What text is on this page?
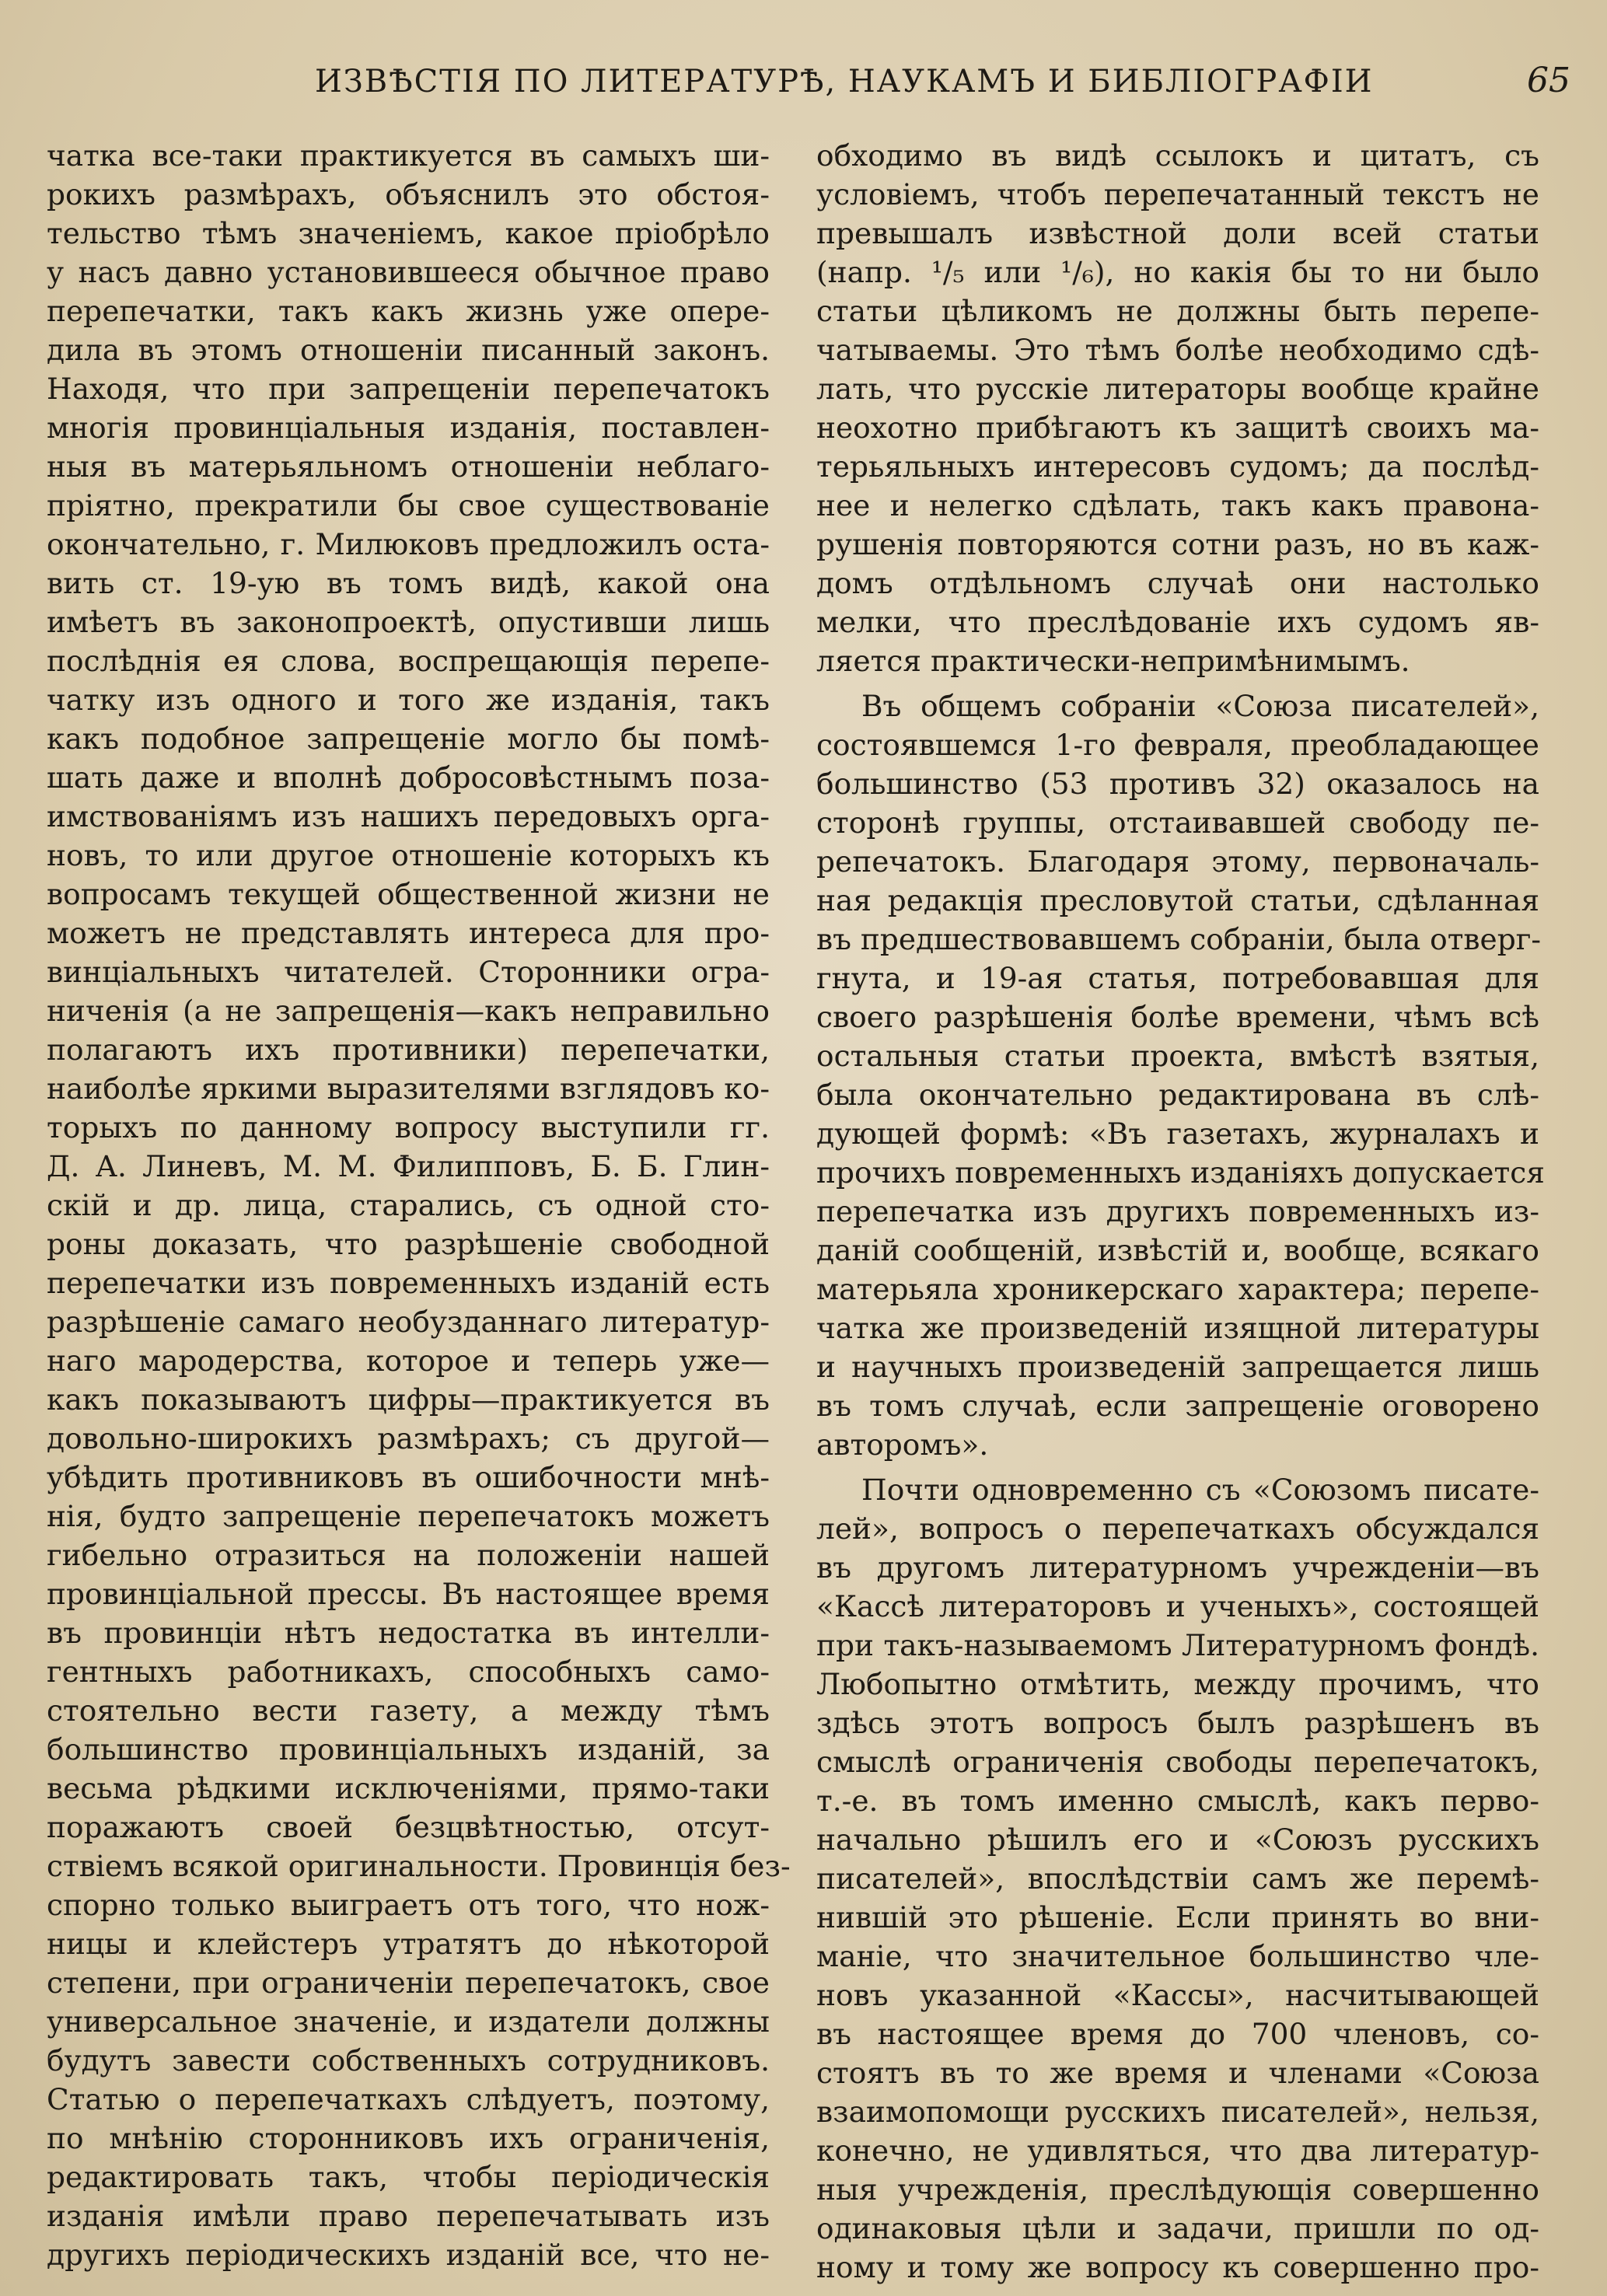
ИЗВѢСТІЯ ПО ЛИТЕРАТУРѢ, НАУКАМЪ И БИБЛІОГРАФІИ	65
чатка все-таки практикуется въ самыхъ ши-
рокихъ размѣрахъ, объяснилъ это обстоя-
тельство тѣмъ значеніемъ, какое пріобрѣло
у насъ давно установившееся обычное право
перепечатки, такъ какъ жизнь уже опере-
дила въ этомъ отношеніи писанный законъ.
Находя, что при запрещеніи перепечатокъ
многія провинціальныя изданія, поставлен-
ныя въ матерьяльномъ отношеніи неблаго-
пріятно, прекратили бы свое существованіе
окончательно, г. Милюковъ предложилъ оста-
вить ст. 19-ую въ томъ видѣ, какой она
имѣетъ въ законопроектѣ, опустивши лишь
послѣднія ея слова, воспрещающія перепе-
чатку изъ одного и того же изданія, такъ
какъ подобное запрещеніе могло бы помѣ-
шать даже и вполнѣ добросовѣстнымъ поза-
имствованіямъ изъ нашихъ передовыхъ орга-
новъ, то или другое отношеніе которыхъ къ
вопросамъ текущей общественной жизни не
можетъ не представлять интереса для про-
винціальныхъ читателей. Сторонники огра-
ниченія (а не запрещенія—какъ неправильно
полагаютъ ихъ противники) перепечатки,
наиболѣе яркими выразителями взглядовъ ко-
торыхъ по данному вопросу выступили гг.
Д. А. Линевъ, М. М. Филипповъ, Б. Б. Глин-
скій и др. лица, старались, съ одной сто-
роны доказать, что разрѣшеніе свободной
перепечатки изъ повременныхъ изданій есть
разрѣшеніе самаго необузданнаго литератур-
наго мародерства, которое и теперь уже—
какъ показываютъ цифры—практикуется въ
довольно-широкихъ размѣрахъ; съ другой—
убѣдить противниковъ въ ошибочности мнѣ-
нія, будто запрещеніе перепечатокъ можетъ
гибельно отразиться на положеніи нашей
провинціальной прессы. Въ настоящее время
въ провинціи нѣтъ недостатка въ интелли-
гентныхъ работникахъ, способныхъ само-
стоятельно вести газету, а между тѣмъ
большинство провинціальныхъ изданій, за
весьма рѣдкими исключеніями, прямо-таки
поражаютъ своей безцвѣтностью, отсут-
ствіемъ всякой оригинальности. Провинція без-
спорно только выиграетъ отъ того, что нож-
ницы и клейстеръ утратятъ до нѣкоторой
степени, при ограниченіи перепечатокъ, свое
универсальное значеніе, и издатели должны
будутъ завести собственныхъ сотрудниковъ.
Статью о перепечаткахъ слѣдуетъ, поэтому,
по мнѣнію сторонниковъ ихъ ограниченія,
редактировать такъ, чтобы періодическія
изданія имѣли право перепечатывать изъ
другихъ періодическихъ изданій все, что не-
обходимо въ видѣ ссылокъ и цитатъ, съ
условіемъ, чтобъ перепечатанный текстъ не
превышалъ извѣстной доли всей статьи
(напр. ¹/₅ или ¹/₆), но какія бы то ни было
статьи цѣликомъ не должны быть перепе-
чатываемы. Это тѣмъ болѣе необходимо сдѣ-
лать, что русскіе литераторы вообще крайне
неохотно прибѣгаютъ къ защитѣ своихъ ма-
терьяльныхъ интересовъ судомъ; да послѣд-
нее и нелегко сдѣлать, такъ какъ правона-
рушенія повторяются сотни разъ, но въ каж-
домъ отдѣльномъ случаѣ они настолько
мелки, что преслѣдованіе ихъ судомъ яв-
ляется практически-непримѣнимымъ.
Въ общемъ собраніи «Союза писателей»,
состоявшемся 1-го февраля, преобладающее
большинство (53 противъ 32) оказалось на
сторонѣ группы, отстаивавшей свободу пе-
репечатокъ. Благодаря этому, первоначаль-
ная редакція пресловутой статьи, сдѣланная
въ предшествовавшемъ собраніи, была отверг-
гнута, и 19-ая статья, потребовавшая для
своего разрѣшенія болѣе времени, чѣмъ всѣ
остальныя статьи проекта, вмѣстѣ взятыя,
была окончательно редактирована въ слѣ-
дующей формѣ: «Въ газетахъ, журналахъ и
прочихъ повременныхъ изданіяхъ допускается
перепечатка изъ другихъ повременныхъ из-
даній сообщеній, извѣстій и, вообще, всякаго
матерьяла хроникерскаго характера; перепе-
чатка же произведеній изящной литературы
и научныхъ произведеній запрещается лишь
въ томъ случаѣ, если запрещеніе оговорено
авторомъ».
Почти одновременно съ «Союзомъ писате-
лей», вопросъ о перепечаткахъ обсуждался
въ другомъ литературномъ учрежденіи—въ
«Кассѣ литераторовъ и ученыхъ», состоящей
при такъ-называемомъ Литературномъ фондѣ.
Любопытно отмѣтить, между прочимъ, что
здѣсь этотъ вопросъ былъ разрѣшенъ въ
смыслѣ ограниченія свободы перепечатокъ,
т.-е. въ томъ именно смыслѣ, какъ перво-
начально рѣшилъ его и «Союзъ русскихъ
писателей», впослѣдствіи самъ же перемѣ-
нившій это рѣшеніе. Если принять во вни-
маніе, что значительное большинство чле-
новъ указанной «Кассы», насчитывающей
въ настоящее время до 700 членовъ, со-
стоятъ въ то же время и членами «Союза
взаимопомощи русскихъ писателей», нельзя,
конечно, не удивляться, что два литератур-
ныя учрежденія, преслѣдующія совершенно
одинаковыя цѣли и задачи, пришли по од-
ному и тому же вопросу къ совершенно про-
